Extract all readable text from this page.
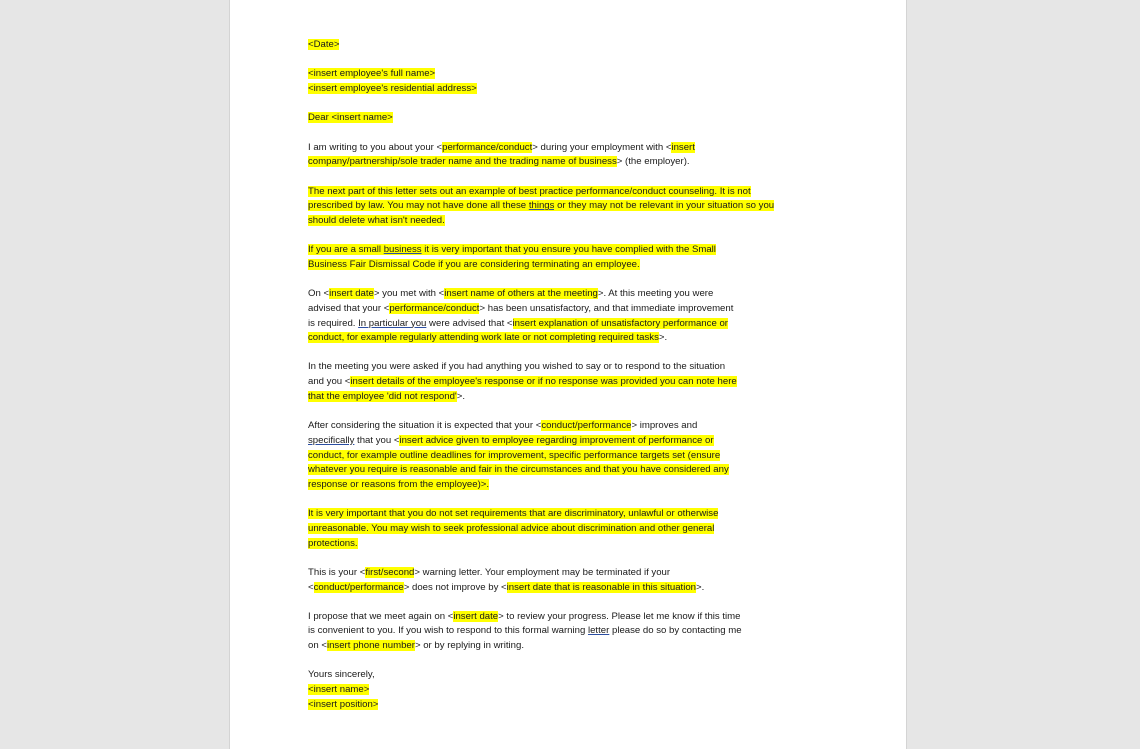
<Date>
<insert employee's full name>
<insert employee's residential address>
Dear <insert name>
I am writing to you about your <performance/conduct> during your employment with <insert
company/partnership/sole trader name and the trading name of business> (the employer).
The next part of this letter sets out an example of best practice performance/conduct counseling. It is not
prescribed by law. You may not have done all these things or they may not be relevant in your situation so you
should delete what isn't needed.
If you are a small business it is very important that you ensure you have complied with the Small
Business Fair Dismissal Code if you are considering terminating an employee.
On <insert date> you met with <insert name of others at the meeting>. At this meeting you were
advised that your <performance/conduct> has been unsatisfactory, and that immediate improvement
is required. In particular you were advised that <insert explanation of unsatisfactory performance or
conduct, for example regularly attending work late or not completing required tasks>.
In the meeting you were asked if you had anything you wished to say or to respond to the situation
and you <insert details of the employee's response or if no response was provided you can note here
that the employee 'did not respond'>.
After considering the situation it is expected that your <conduct/performance> improves and
specifically that you <insert advice given to employee regarding improvement of performance or
conduct, for example outline deadlines for improvement, specific performance targets set (ensure
whatever you require is reasonable and fair in the circumstances and that you have considered any
response or reasons from the employee)>.
It is very important that you do not set requirements that are discriminatory, unlawful or otherwise
unreasonable. You may wish to seek professional advice about discrimination and other general
protections.
This is your <first/second> warning letter. Your employment may be terminated if your
<conduct/performance> does not improve by <insert date that is reasonable in this situation>.
I propose that we meet again on <insert date> to review your progress. Please let me know if this time
is convenient to you. If you wish to respond to this formal warning letter please do so by contacting me
on <insert phone number> or by replying in writing.
Yours sincerely,
<insert name>
<insert position>
